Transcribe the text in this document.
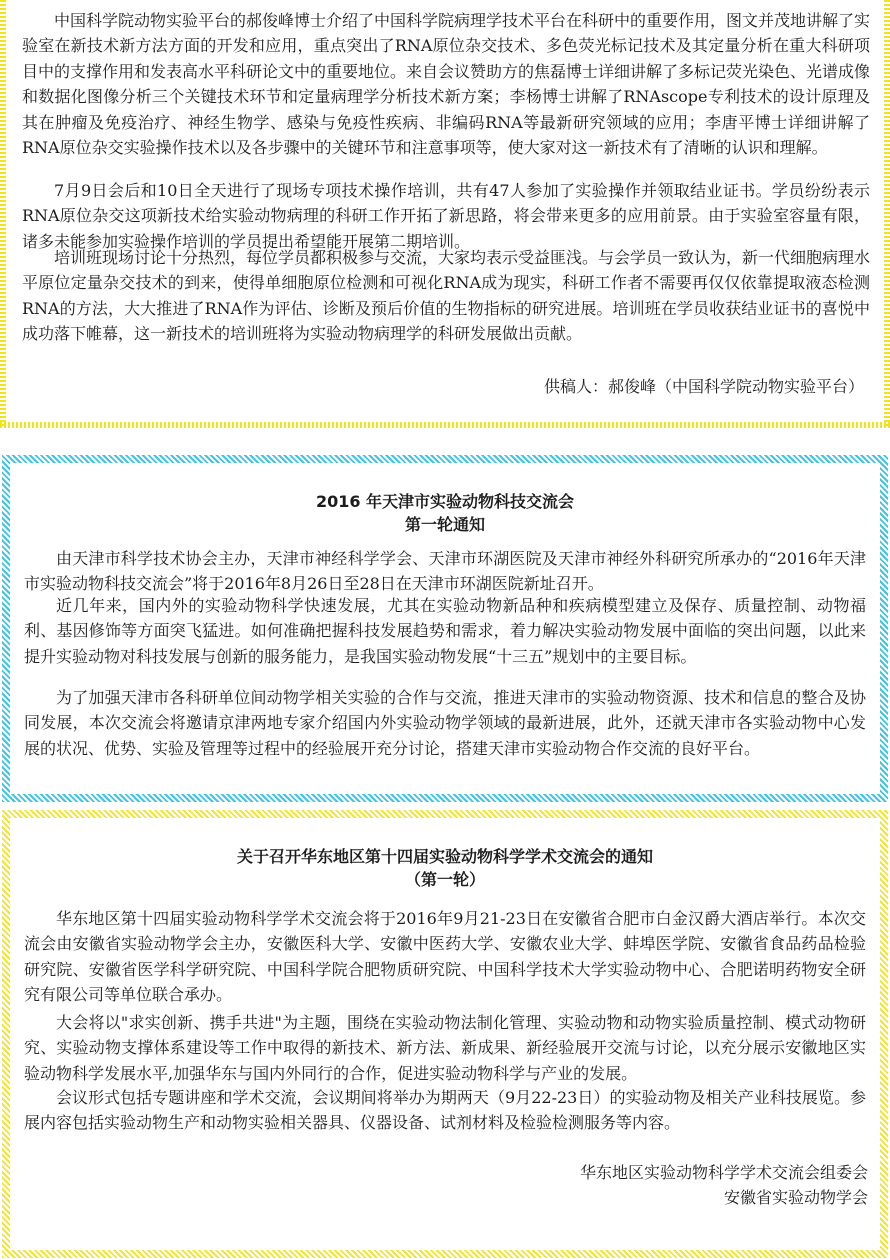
中国科学院动物实验平台的郝俊峰博士介绍了中国科学院病理学技术平台在科研中的重要作用，图文并茂地讲解了实验室在新技术新方法方面的开发和应用，重点突出了RNA原位杂交技术、多色荧光标记技术及其定量分析在重大科研项目中的支撑作用和发表高水平科研论文中的重要地位。来自会议赞助方的焦磊博士详细讲解了多标记荧光染色、光谱成像和数据化图像分析三个关键技术环节和定量病理学分析技术新方案；李杨博士讲解了RNAscope专利技术的设计原理及其在肿瘤及免疫治疗、神经生物学、感染与免疫性疾病、非编码RNA等最新研究领域的应用；李唐平博士详细讲解了RNA原位杂交实验操作技术以及各步骤中的关键环节和注意事项等，使大家对这一新技术有了清晰的认识和理解。

7月9日会后和10日全天进行了现场专项技术操作培训，共有47人参加了实验操作并领取结业证书。学员纷纷表示RNA原位杂交这项新技术给实验动物病理的科研工作开拓了新思路，将会带来更多的应用前景。由于实验室容量有限，诸多未能参加实验操作培训的学员提出希望能开展第二期培训。

培训班现场讨论十分热烈，每位学员都积极参与交流，大家均表示受益匪浅。与会学员一致认为，新一代细胞病理水平原位定量杂交技术的到来，使得单细胞原位检测和可视化RNA成为现实，科研工作者不需要再仅仅依靠提取液态检测RNA的方法，大大推进了RNA作为评估、诊断及预后价值的生物指标的研究进展。培训班在学员收获结业证书的喜悦中成功落下帷幕，这一新技术的培训班将为实验动物病理学的科研发展做出贡献。

供稿人：郝俊峰（中国科学院动物实验平台）

2016 年天津市实验动物科技交流会
第一轮通知

由天津市科学技术协会主办，天津市神经科学学会、天津市环湖医院及天津市神经外科研究所承办的“2016年天津市实验动物科技交流会”将于2016年8月26日至28日在天津市环湖医院新址召开。

近几年来，国内外的实验动物科学快速发展，尤其在实验动物新品种和疾病模型建立及保存、质量控制、动物福利、基因修饰等方面突飞猛进。如何准确把握科技发展趋势和需求，着力解决实验动物发展中面临的突出问题，以此来提升实验动物对科技发展与创新的服务能力，是我国实验动物发展“十三五”规划中的主要目标。

为了加强天津市各科研单位间动物学相关实验的合作与交流，推进天津市的实验动物资源、技术和信息的整合及协同发展，本次交流会将邀请京津两地专家介绍国内外实验动物学领域的最新进展，此外，还就天津市各实验动物中心发展的状况、优势、实验及管理等过程中的经验展开充分讨论，搭建天津市实验动物合作交流的良好平台。

关于召开华东地区第十四届实验动物科学学术交流会的通知
（第一轮）

华东地区第十四届实验动物科学学术交流会将于2016年9月21-23日在安徽省合肥市白金汉爵大酒店举行。本次交流会由安徽省实验动物学会主办，安徽医科大学、安徽中医药大学、安徽农业大学、蚌埠医学院、安徽省食品药品检验研究院、安徽省医学科学研究院、中国科学院合肥物质研究院、中国科学技术大学实验动物中心、合肥诺明药物安全研究有限公司等单位联合承办。

大会将以"求实创新、携手共进"为主题，围绕在实验动物法制化管理、实验动物和动物实验质量控制、模式动物研究、实验动物支撑体系建设等工作中取得的新技术、新方法、新成果、新经验展开交流与讨论，以充分展示安徽地区实验动物科学发展水平,加强华东与国内外同行的合作，促进实验动物科学与产业的发展。

会议形式包括专题讲座和学术交流，会议期间将举办为期两天（9月22-23日）的实验动物及相关产业科技展览。参展内容包括实验动物生产和动物实验相关器具、仪器设备、试剂材料及检验检测服务等内容。

华东地区实验动物科学学术交流会组委会

安徽省实验动物学会
